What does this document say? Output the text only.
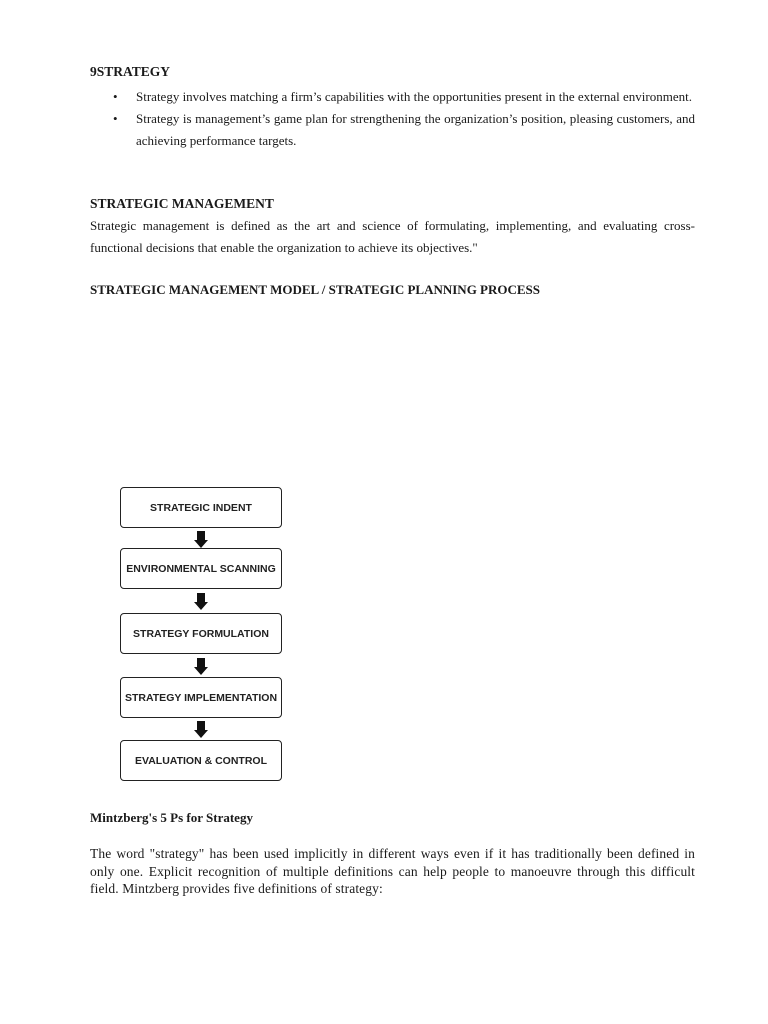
9STRATEGY
• Strategy involves matching a firm’s capabilities with the opportunities present in the external environment.
• Strategy is management’s game plan for strengthening the organization’s position, pleasing customers, and achieving performance targets.
STRATEGIC MANAGEMENT

Strategic management is defined as the art and science of formulating, implementing, and evaluating cross-functional decisions that enable the organization to achieve its objectives."

STRATEGIC MANAGEMENT MODEL / STRATEGIC PLANNING PROCESS
STRATEGIC INDENT
ENVIRONMENTAL SCANNING
STRATEGY FORMULATION
STRATEGY IMPLEMENTATION
EVALUATION & CONTROL
Mintzberg's 5 Ps for Strategy

The word "strategy" has been used implicitly in different ways even if it has traditionally been defined in only one. Explicit recognition of multiple definitions can help people to manoeuvre through this difficult field. Mintzberg provides five definitions of strategy:
